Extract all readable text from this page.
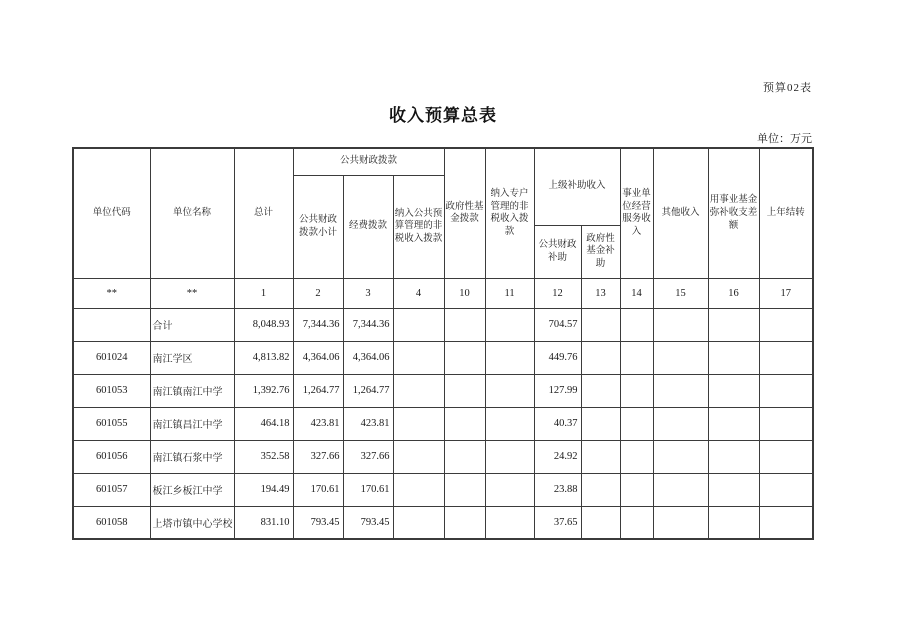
预算02表
收入预算总表
单位：万元
单位代码	单位名称	总计	公共财政拨款			政府性基金拨款	纳入专户管理的非税收入拨款	上级补助收入		事业单位经营服务收入	其他收入	用事业基金弥补收支差额	上年结转
			公共财政拨款小计	经费拨款	纳入公共预算管理的非税收入拨款								
								公共财政补助	政府性基金补助				
**	**	1	2	3	4	10	11	12	13	14	15	16	17
	合计	8,048.93	7,344.36	7,344.36				704.57					
601024	南江学区	4,813.82	4,364.06	4,364.06				449.76					
601053	南江镇南江中学	1,392.76	1,264.77	1,264.77				127.99					
601055	南江镇昌江中学	464.18	423.81	423.81				40.37					
601056	南江镇石浆中学	352.58	327.66	327.66				24.92					
601057	板江乡板江中学	194.49	170.61	170.61				23.88					
601058	上塔市镇中心学校	831.10	793.45	793.45				37.65					
